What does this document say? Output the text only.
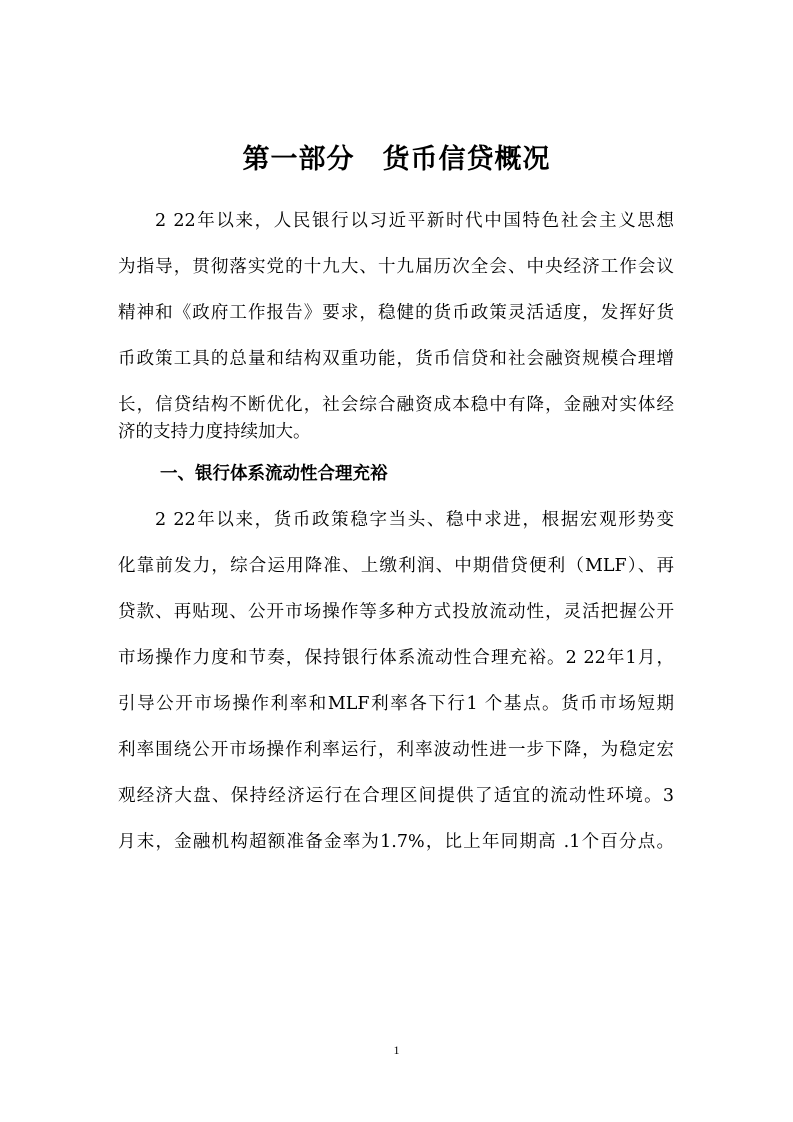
第一部分　货币信贷概况
2 22年以来，人民银行以习近平新时代中国特色社会主义思想
为指导，贯彻落实党的十九大、十九届历次全会、中央经济工作会议
精神和《政府工作报告》要求，稳健的货币政策灵活适度，发挥好货
币政策工具的总量和结构双重功能，货币信贷和社会融资规模合理增
长，信贷结构不断优化，社会综合融资成本稳中有降，金融对实体经
济的支持力度持续加大。
一、银行体系流动性合理充裕
2 22年以来，货币政策稳字当头、稳中求进，根据宏观形势变
化靠前发力，综合运用降准、上缴利润、中期借贷便利（MLF）、再
贷款、再贴现、公开市场操作等多种方式投放流动性，灵活把握公开
市场操作力度和节奏，保持银行体系流动性合理充裕。2 22年1月，
引导公开市场操作利率和MLF利率各下行1 个基点。货币市场短期
利率围绕公开市场操作利率运行，利率波动性进一步下降，为稳定宏
观经济大盘、保持经济运行在合理区间提供了适宜的流动性环境。3
月末，金融机构超额准备金率为1.7%，比上年同期高 .1个百分点。
1
